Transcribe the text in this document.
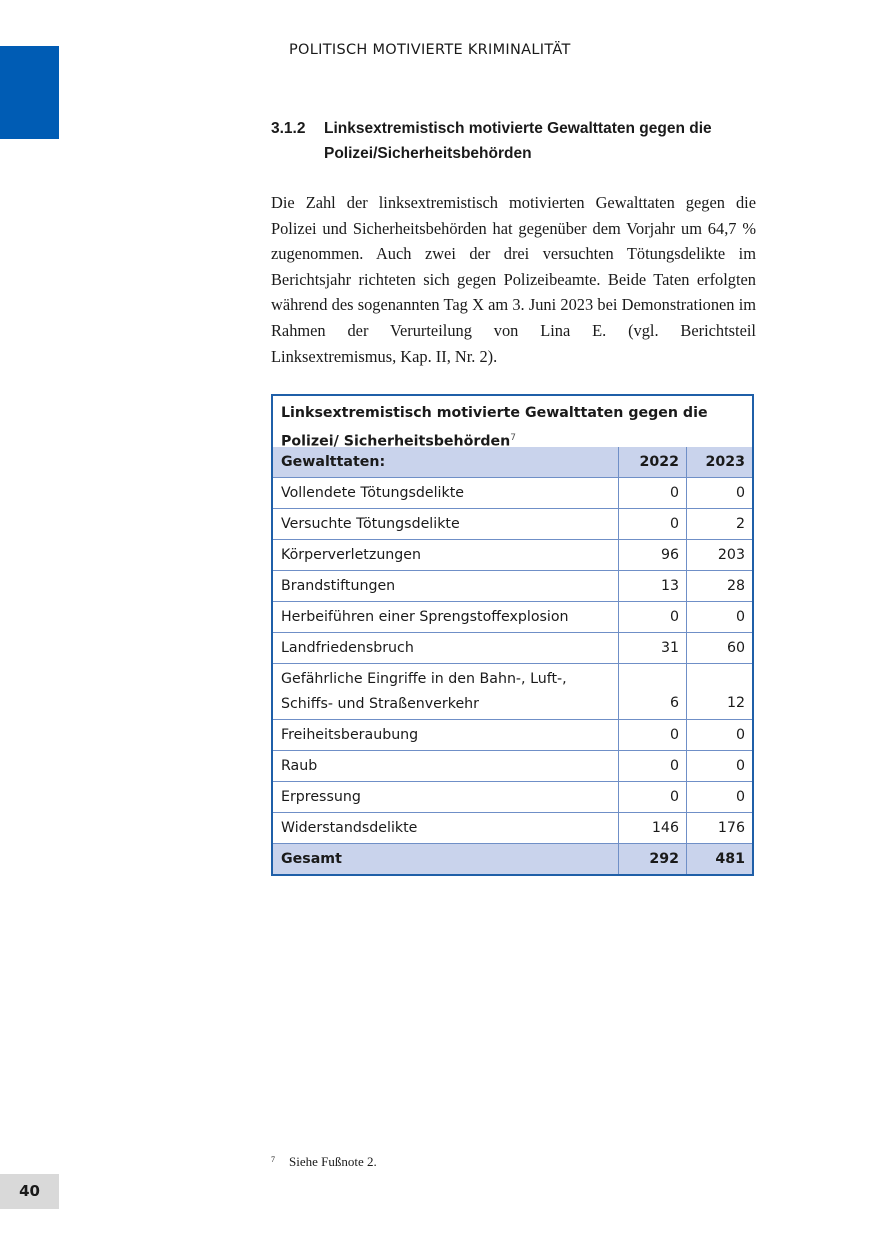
POLITISCH MOTIVIERTE KRIMINALITÄT
3.1.2	Linksextremistisch motivierte Gewalttaten gegen die Polizei/Sicherheitsbehörden

Die Zahl der linksextremistisch motivierten Gewalttaten gegen die Polizei und Sicherheitsbehörden hat gegenüber dem Vorjahr um 64,7 % zugenommen. Auch zwei der drei versuchten Tötungsdelikte im Berichtsjahr richteten sich gegen Polizeibeamte. Beide Taten erfolgten während des sogenannten Tag X am 3. Juni 2023 bei Demonstrationen im Rahmen der Verurteilung von Lina E. (vgl. Berichtsteil Linksextremismus, Kap. II, Nr. 2).

Linksextremistisch motivierte Gewalttaten gegen die Polizei/ Sicherheitsbehörden$^7$
Gewalttaten:	2022	2023
Vollendete Tötungsdelikte	0	0
Versuchte Tötungsdelikte	0	2
Körperverletzungen	96	203
Brandstiftungen	13	28
Herbeiführen einer Sprengstoffexplosion	0	0
Landfriedensbruch	31	60
Gefährliche Eingriffe in den Bahn-, Luft-, Schiffs- und Straßenverkehr	6	12
Freiheitsberaubung	0	0
Raub	0	0
Erpressung	0	0
Widerstandsdelikte	146	176
Gesamt	292	481
7	Siehe Fußnote 2.
40
